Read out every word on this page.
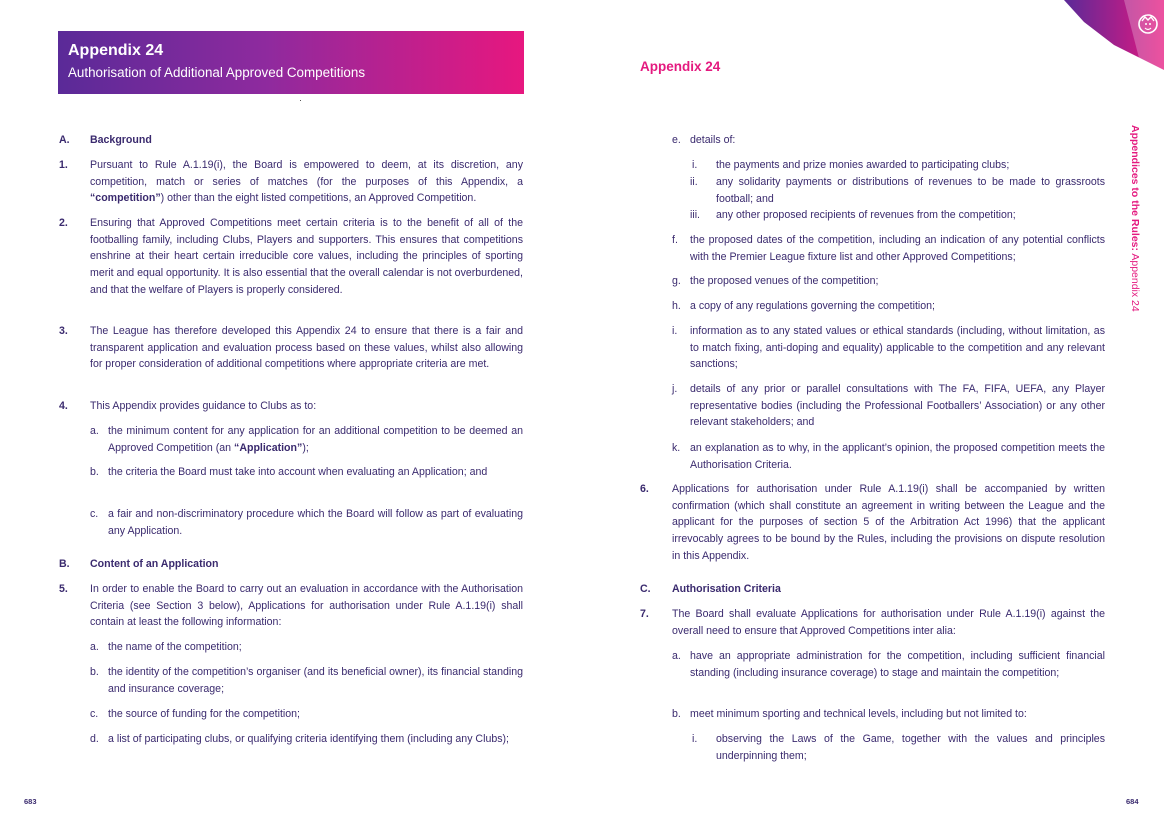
Appendix 24
Authorisation of Additional Approved Competitions	Appendix 24
Appendices to the Rules: Appendix 24
A. Background
1. Pursuant to Rule A.1.19(i), the Board is empowered to deem, at its discretion, any competition, match or series of matches (for the purposes of this Appendix, a “competition”) other than the eight listed competitions, an Approved Competition.
2. Ensuring that Approved Competitions meet certain criteria is to the benefit of all of the footballing family, including Clubs, Players and supporters. This ensures that competitions enshrine at their heart certain irreducible core values, including the principles of sporting merit and equal opportunity. It is also essential that the overall calendar is not overburdened, and that the welfare of Players is properly considered.
3. The League has therefore developed this Appendix 24 to ensure that there is a fair and transparent application and evaluation process based on these values, whilst also allowing for proper consideration of additional competitions where appropriate criteria are met.
4. This Appendix provides guidance to Clubs as to:
a. the minimum content for any application for an additional competition to be deemed an Approved Competition (an “Application”);
b. the criteria the Board must take into account when evaluating an Application; and
c. a fair and non-discriminatory procedure which the Board will follow as part of evaluating any Application.
B. Content of an Application
5. In order to enable the Board to carry out an evaluation in accordance with the Authorisation Criteria (see Section 3 below), Applications for authorisation under Rule A.1.19(i) shall contain at least the following information:
a. the name of the competition;
b. the identity of the competition’s organiser (and its beneficial owner), its financial standing and insurance coverage;
c. the source of funding for the competition;
d. a list of participating clubs, or qualifying criteria identifying them (including any Clubs);
e. details of:
i. the payments and prize monies awarded to participating clubs;
ii. any solidarity payments or distributions of revenues to be made to grassroots football; and
iii. any other proposed recipients of revenues from the competition;
f. the proposed dates of the competition, including an indication of any potential conflicts with the Premier League fixture list and other Approved Competitions;
g. the proposed venues of the competition;
h. a copy of any regulations governing the competition;
i. information as to any stated values or ethical standards (including, without limitation, as to match fixing, anti-doping and equality) applicable to the competition and any relevant sanctions;
j. details of any prior or parallel consultations with The FA, FIFA, UEFA, any Player representative bodies (including the Professional Footballers’ Association) or any other relevant stakeholders; and
k. an explanation as to why, in the applicant’s opinion, the proposed competition meets the Authorisation Criteria.
6. Applications for authorisation under Rule A.1.19(i) shall be accompanied by written confirmation (which shall constitute an agreement in writing between the League and the applicant for the purposes of section 5 of the Arbitration Act 1996) that the applicant irrevocably agrees to be bound by the Rules, including the provisions on dispute resolution in this Appendix.
C. Authorisation Criteria
7. The Board shall evaluate Applications for authorisation under Rule A.1.19(i) against the overall need to ensure that Approved Competitions inter alia:
a. have an appropriate administration for the competition, including sufficient financial standing (including insurance coverage) to stage and maintain the competition;
b. meet minimum sporting and technical levels, including but not limited to:
i. observing the Laws of the Game, together with the values and principles underpinning them;
683	684
